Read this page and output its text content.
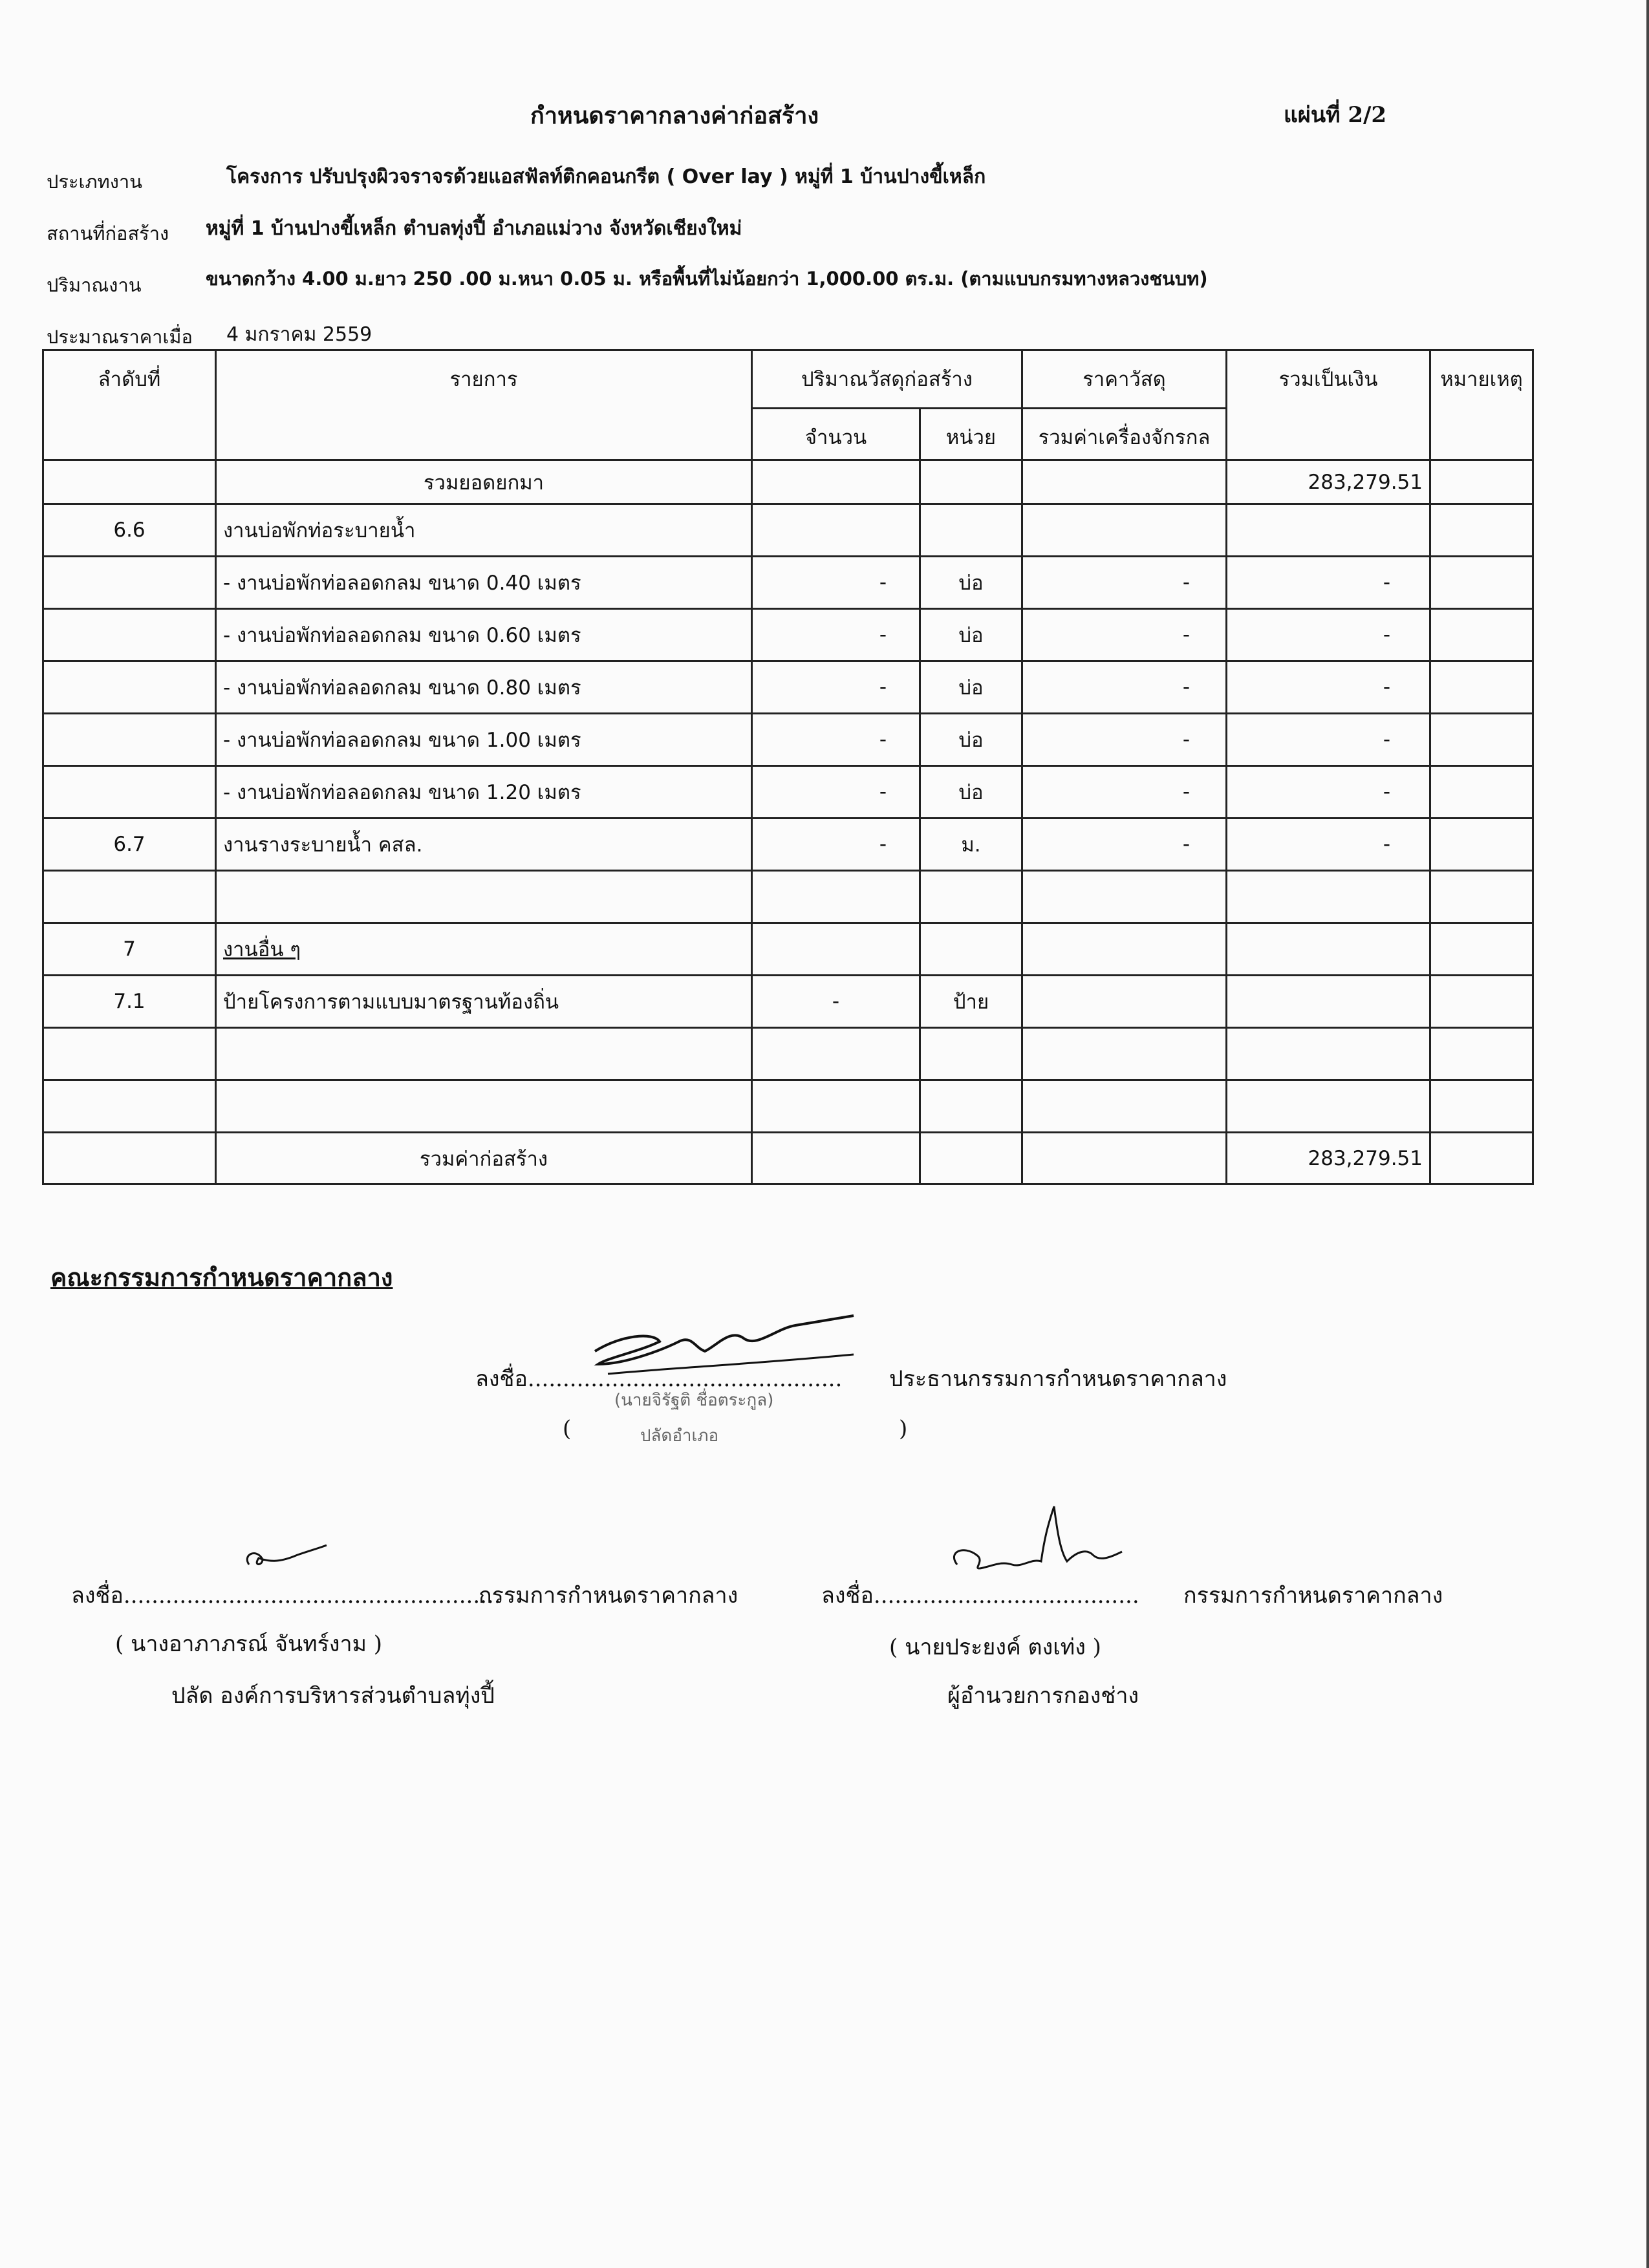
กำหนดราคากลางค่าก่อสร้าง	แผ่นที่ 2/2
ประเภทงาน	โครงการ ปรับปรุงผิวจราจรด้วยแอสฟัลท์ติกคอนกรีต ( Over lay ) หมู่ที่ 1 บ้านปางขี้เหล็ก
สถานที่ก่อสร้าง หมู่ที่ 1 บ้านปางขี้เหล็ก ตำบลทุ่งปี้ อำเภอแม่วาง จังหวัดเชียงใหม่
ปริมาณงาน	ขนาดกว้าง 4.00 ม.ยาว 250 .00 ม.หนา 0.05 ม. หรือพื้นที่ไม่น้อยกว่า 1,000.00 ตร.ม. (ตามแบบกรมทางหลวงชนบท)
ประมาณราคาเมื่อ 4 มกราคม 2559
ลำดับที่	รายการ	ปริมาณวัสดุก่อสร้าง		ราคาวัสดุ	รวมเป็นเงิน	หมายเหตุ
		จำนวน	หน่วย	รวมค่าเครื่องจักรกล		
	รวมยอดยกมา				283,279.51	
6.6	งานบ่อพักท่อระบายน้ำ					
	- งานบ่อพักท่อลอดกลม ขนาด 0.40 เมตร	-	บ่อ	-	-	
	- งานบ่อพักท่อลอดกลม ขนาด 0.60 เมตร	-	บ่อ	-	-	
	- งานบ่อพักท่อลอดกลม ขนาด 0.80 เมตร	-	บ่อ	-	-	
	- งานบ่อพักท่อลอดกลม ขนาด 1.00 เมตร	-	บ่อ	-	-	
	- งานบ่อพักท่อลอดกลม ขนาด 1.20 เมตร	-	บ่อ	-	-	
6.7	งานรางระบายน้ำ คสล.	-	ม.	-	-	

7	งานอื่น ๆ					
7.1	ป้ายโครงการตามแบบมาตรฐานท้องถิ่น	-	ป้าย			

	รวมค่าก่อสร้าง				283,279.51	
คณะกรรมการกำหนดราคากลาง
ลงชื่อ............................................. ประธานกรรมการกำหนดราคากลาง
(นายจิรัฐติ ชื่อตระกูล)
(	ปลัดอำเภอ	)
ลงชื่อ......................................................
กรรมการกำหนดราคากลาง
( นางอาภาภรณ์ จันทร์งาม )
ปลัด องค์การบริหารส่วนตำบลทุ่งปี้
ลงชื่อ...................................... กรรมการกำหนดราคากลาง
( นายประยงค์ ตงเท่ง )
ผู้อำนวยการกองช่าง
